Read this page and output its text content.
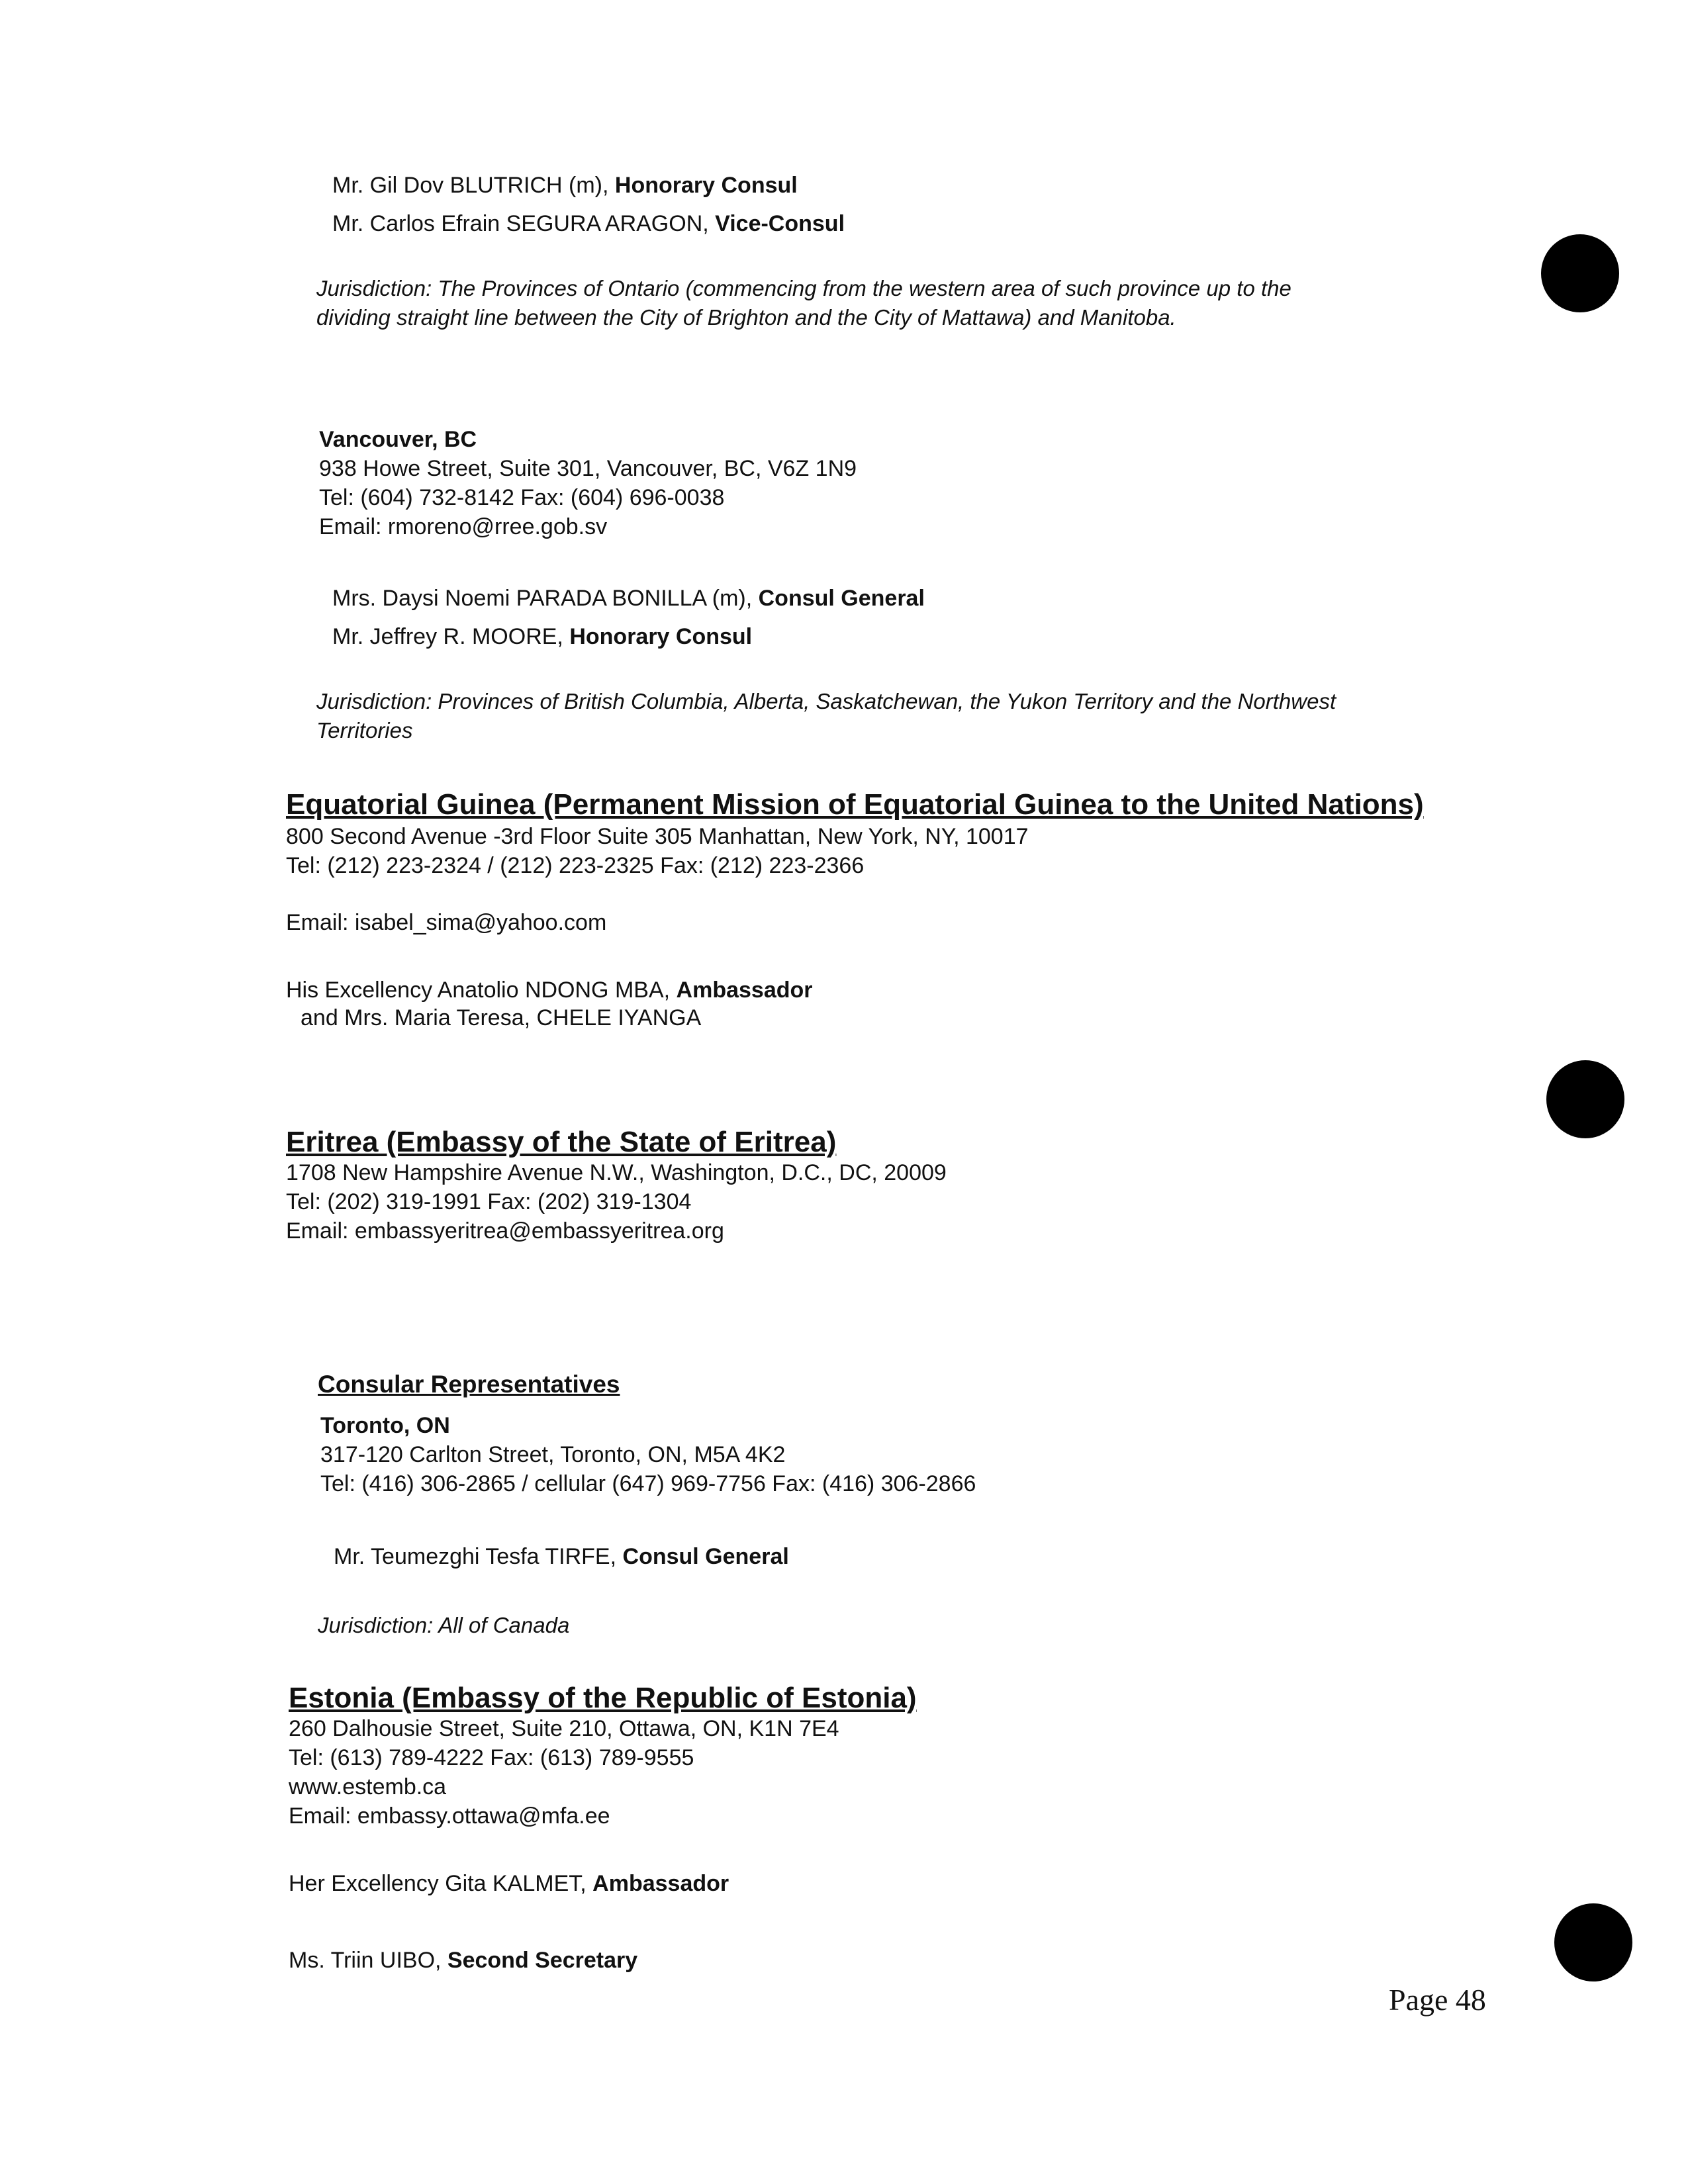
Mr. Gil Dov BLUTRICH (m), Honorary Consul
Mr. Carlos Efrain SEGURA ARAGON, Vice-Consul
Jurisdiction: The Provinces of Ontario (commencing from the western area of such province up to the
dividing straight line between the City of Brighton and the City of Mattawa) and Manitoba.
Vancouver, BC
938 Howe Street, Suite 301, Vancouver, BC, V6Z 1N9
Tel: (604) 732-8142 Fax: (604) 696-0038
Email: rmoreno@rree.gob.sv
Mrs. Daysi Noemi PARADA BONILLA (m), Consul General
Mr. Jeffrey R. MOORE, Honorary Consul
Jurisdiction: Provinces of British Columbia, Alberta, Saskatchewan, the Yukon Territory and the Northwest
Territories
Equatorial Guinea (Permanent Mission of Equatorial Guinea to the United Nations)
800 Second Avenue -3rd Floor Suite 305 Manhattan, New York, NY, 10017
Tel: (212) 223-2324 / (212) 223-2325 Fax: (212) 223-2366
Email: isabel_sima@yahoo.com
His Excellency Anatolio NDONG MBA, Ambassador
and Mrs. Maria Teresa, CHELE IYANGA
Eritrea (Embassy of the State of Eritrea)
1708 New Hampshire Avenue N.W., Washington, D.C., DC, 20009
Tel: (202) 319-1991 Fax: (202) 319-1304
Email: embassyeritrea@embassyeritrea.org
Consular Representatives
Toronto, ON
317-120 Carlton Street, Toronto, ON, M5A 4K2
Tel: (416) 306-2865 / cellular (647) 969-7756 Fax: (416) 306-2866
Mr. Teumezghi Tesfa TIRFE, Consul General
Jurisdiction: All of Canada
Estonia (Embassy of the Republic of Estonia)
260 Dalhousie Street, Suite 210, Ottawa, ON, K1N 7E4
Tel: (613) 789-4222 Fax: (613) 789-9555
www.estemb.ca
Email: embassy.ottawa@mfa.ee
Her Excellency Gita KALMET, Ambassador
Ms. Triin UIBO, Second Secretary
Page 48
